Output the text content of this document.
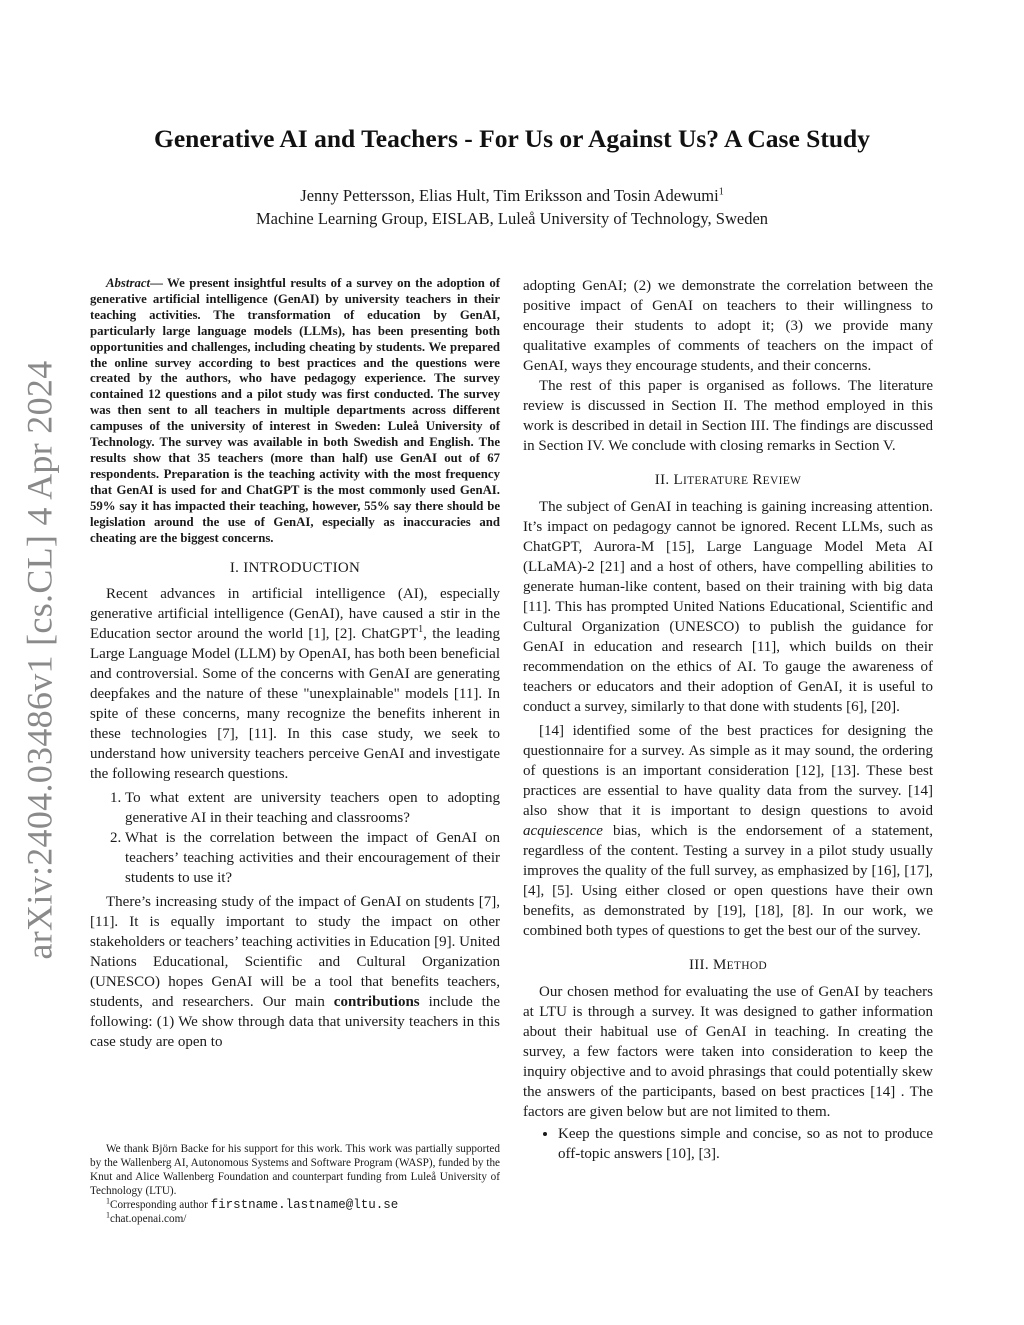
arXiv:2404.03486v1 [cs.CL] 4 Apr 2024
Generative AI and Teachers - For Us or Against Us? A Case Study
Jenny Pettersson, Elias Hult, Tim Eriksson and Tosin Adewumi$^1$
Machine Learning Group, EISLAB, Luleå University of Technology, Sweden

Abstract— We present insightful results of a survey on the adoption of generative artificial intelligence (GenAI) by university teachers in their teaching activities. The transformation of education by GenAI, particularly large language models (LLMs), has been presenting both opportunities and challenges, including cheating by students. We prepared the online survey according to best practices and the questions were created by the authors, who have pedagogy experience. The survey contained 12 questions and a pilot study was first conducted. The survey was then sent to all teachers in multiple departments across different campuses of the university of interest in Sweden: Luleå University of Technology. The survey was available in both Swedish and English. The results show that 35 teachers (more than half) use GenAI out of 67 respondents. Preparation is the teaching activity with the most frequency that GenAI is used for and ChatGPT is the most commonly used GenAI. 59% say it has impacted their teaching, however, 55% say there should be legislation around the use of GenAI, especially as inaccuracies and cheating are the biggest concerns.

I. INTRODUCTION

Recent advances in artificial intelligence (AI), especially generative artificial intelligence (GenAI), have caused a stir in the Education sector around the world [1], [2]. ChatGPT$^1$, the leading Large Language Model (LLM) by OpenAI, has both been beneficial and controversial. Some of the concerns with GenAI are generating deepfakes and the nature of these "unexplainable" models [11]. In spite of these concerns, many recognize the benefits inherent in these technologies [7], [11]. In this case study, we seek to understand how university teachers perceive GenAI and investigate the following research questions.

1. To what extent are university teachers open to adopting generative AI in their teaching and classrooms?
2. What is the correlation between the impact of GenAI on teachers’ teaching activities and their encouragement of their students to use it?

There’s increasing study of the impact of GenAI on students [7], [11]. It is equally important to study the impact on other stakeholders or teachers’ teaching activities in Education [9]. United Nations Educational, Scientific and Cultural Organization (UNESCO) hopes GenAI will be a tool that benefits teachers, students, and researchers. Our main contributions include the following: (1) We show through data that university teachers in this case study are open to

We thank Björn Backe for his support for this work. This work was partially supported by the Wallenberg AI, Autonomous Systems and Software Program (WASP), funded by the Knut and Alice Wallenberg Foundation and counterpart funding from Luleå University of Technology (LTU).

$^1$Corresponding author firstname.lastname@ltu.se

$^1$chat.openai.com/

adopting GenAI; (2) we demonstrate the correlation between the positive impact of GenAI on teachers to their willingness to encourage their students to adopt it; (3) we provide many qualitative examples of comments of teachers on the impact of GenAI, ways they encourage students, and their concerns.

The rest of this paper is organised as follows. The literature review is discussed in Section II. The method employed in this work is described in detail in Section III. The findings are discussed in Section IV. We conclude with closing remarks in Section V.

II. LITERATURE REVIEW

The subject of GenAI in teaching is gaining increasing attention. It’s impact on pedagogy cannot be ignored. Recent LLMs, such as ChatGPT, Aurora-M [15], Large Language Model Meta AI (LLaMA)-2 [21] and a host of others, have compelling abilities to generate human-like content, based on their training with big data [11]. This has prompted United Nations Educational, Scientific and Cultural Organization (UNESCO) to publish the guidance for GenAI in education and research [11], which builds on their recommendation on the ethics of AI. To gauge the awareness of teachers or educators and their adoption of GenAI, it is useful to conduct a survey, similarly to that done with students [6], [20].

[14] identified some of the best practices for designing the questionnaire for a survey. As simple as it may sound, the ordering of questions is an important consideration [12], [13]. These best practices are essential to have quality data from the survey. [14] also show that it is important to design questions to avoid acquiescence bias, which is the endorsement of a statement, regardless of the content. Testing a survey in a pilot study usually improves the quality of the full survey, as emphasized by [16], [17], [4], [5]. Using either closed or open questions have their own benefits, as demonstrated by [19], [18], [8]. In our work, we combined both types of questions to get the best our of the survey.

III. METHOD

Our chosen method for evaluating the use of GenAI by teachers at LTU is through a survey. It was designed to gather information about their habitual use of GenAI in teaching. In creating the survey, a few factors were taken into consideration to keep the inquiry objective and to avoid phrasings that could potentially skew the answers of the participants, based on best practices [14] . The factors are given below but are not limited to them.

• Keep the questions simple and concise, so as not to produce off-topic answers [10], [3].
